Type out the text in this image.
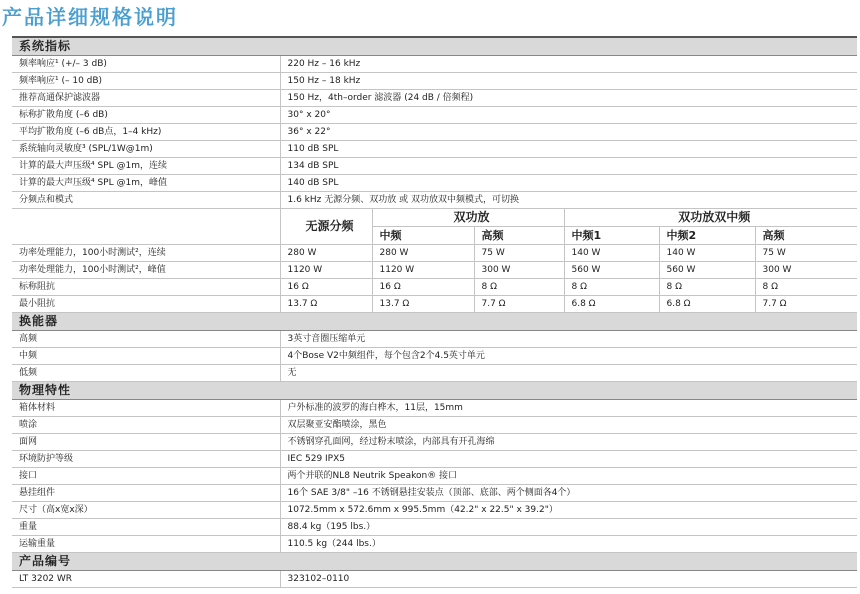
产品详细规格说明
系统指标						
频率响应¹ (+/– 3 dB)	220 Hz – 16 kHz					
频率响应¹ (– 10 dB)	150 Hz – 18 kHz					
推荐高通保护滤波器	150 Hz，4th–order 滤波器 (24 dB / 倍频程)					
标称扩散角度 (–6 dB)	30° x 20°					
平均扩散角度 (–6 dB点，1–4 kHz)	36° x 22°					
系统轴向灵敏度³ (SPL/1W@1m)	110 dB SPL					
计算的最大声压级⁴ SPL @1m，连续	134 dB SPL					
计算的最大声压级⁴ SPL @1m，峰值	140 dB SPL					
分频点和模式	1.6 kHz 无源分频、双功放 或 双功放双中频模式，可切换					
	无源分频	双功放		双功放双中频		
		中频	高频	中频1	中频2	高频
功率处理能力，100小时测试²，连续	280 W	280 W	75 W	140 W	140 W	75 W
功率处理能力，100小时测试²，峰值	1120 W	1120 W	300 W	560 W	560 W	300 W
标称阻抗	16 Ω	16 Ω	8 Ω	8 Ω	8 Ω	8 Ω
最小阻抗	13.7 Ω	13.7 Ω	7.7 Ω	6.8 Ω	6.8 Ω	7.7 Ω
换能器						
高频	3英寸音圈压缩单元					
中频	4个Bose V2中频组件，每个包含2个4.5英寸单元					
低频	无					
物理特性						
箱体材料	户外标准的波罗的海白桦木，11层，15mm					
喷涂	双层聚亚安酯喷涂，黑色					
面网	不锈钢穿孔面网，经过粉末喷涂，内部具有开孔海绵					
环境防护等级	IEC 529 IPX5					
接口	两个并联的NL8 Neutrik Speakon® 接口					
悬挂组件	16个 SAE 3/8" –16 不锈钢悬挂安装点（顶部、底部、两个侧面各4个）					
尺寸（高x宽x深）	1072.5mm x 572.6mm x 995.5mm（42.2" x 22.5" x 39.2"）					
重量	88.4 kg（195 lbs.）					
运输重量	110.5 kg（244 lbs.）					
产品编号						
LT 3202 WR	323102–0110					
